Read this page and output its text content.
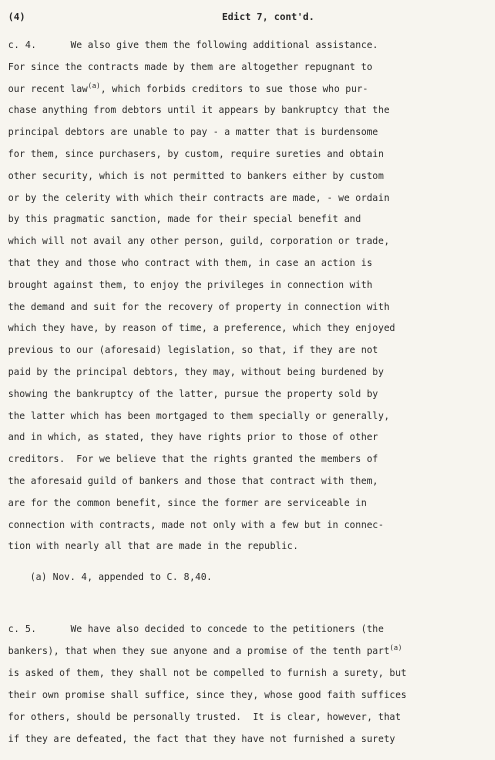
(4)	Edict 7, cont'd.
c. 4.      We also give them the following additional assistance.
For since the contracts made by them are altogether repugnant to
our recent law$^{(a)}$, which forbids creditors to sue those who pur-
chase anything from debtors until it appears by bankruptcy that the
principal debtors are unable to pay - a matter that is burdensome
for them, since purchasers, by custom, require sureties and obtain
other security, which is not permitted to bankers either by custom
or by the celerity with which their contracts are made, - we ordain
by this pragmatic sanction, made for their special benefit and
which will not avail any other person, guild, corporation or trade,
that they and those who contract with them, in case an action is
brought against them, to enjoy the privileges in connection with
the demand and suit for the recovery of property in connection with
which they have, by reason of time, a preference, which they enjoyed
previous to our (aforesaid) legislation, so that, if they are not
paid by the principal debtors, they may, without being burdened by
showing the bankruptcy of the latter, pursue the property sold by
the latter which has been mortgaged to them specially or generally,
and in which, as stated, they have rights prior to those of other
creditors.  For we believe that the rights granted the members of
the aforesaid guild of bankers and those that contract with them,
are for the common benefit, since the former are serviceable in
connection with contracts, made not only with a few but in connec-
tion with nearly all that are made in the republic.
(a) Nov. 4, appended to C. 8,40.
c. 5.      We have also decided to concede to the petitioners (the
bankers), that when they sue anyone and a promise of the tenth part$^{(a)}$
is asked of them, they shall not be compelled to furnish a surety, but
their own promise shall suffice, since they, whose good faith suffices
for others, should be personally trusted.  It is clear, however, that
if they are defeated, the fact that they have not furnished a surety
